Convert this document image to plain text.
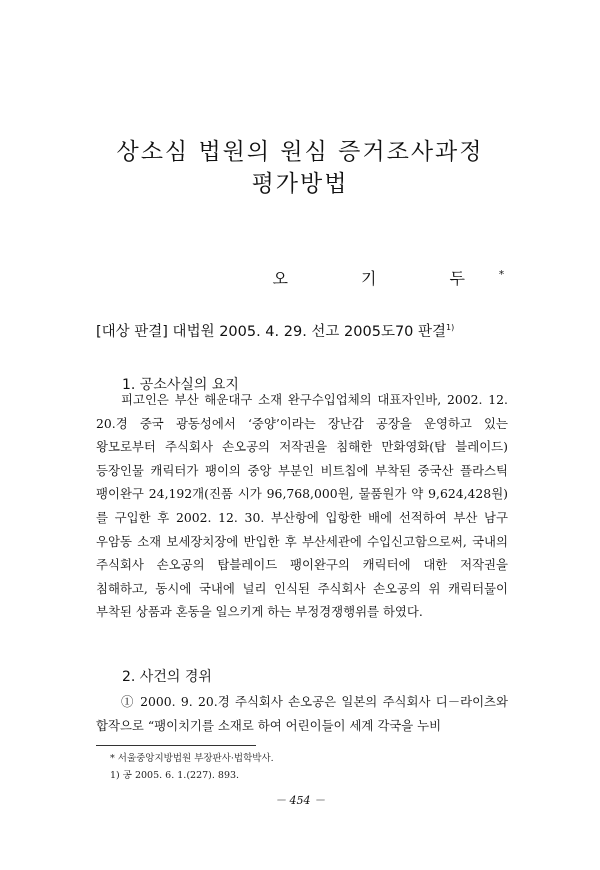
상소심 법원의 원심 증거조사과정
평가방법
오 기 두*
[대상 판결] 대법원 2005. 4. 29. 선고 2005도70 판결$^{1)}$
1. 공소사실의 요지
피고인은 부산 해운대구 소재 완구수입업체의 대표자인바, 2002. 12. 20.경 중국 광동성에서 ‘중양’이라는 장난감 공장을 운영하고 있는 왕모로부터 주식회사 손오공의 저작권을 침해한 만화영화(탑 블레이드) 등장인물 캐릭터가 팽이의 중앙 부분인 비트칩에 부착된 중국산 플라스틱 팽이완구 24,192개(진품 시가 96,768,000원, 물품원가 약 9,624,428원)를 구입한 후 2002. 12. 30. 부산항에 입항한 배에 선적하여 부산 남구 우암동 소재 보세장치장에 반입한 후 부산세관에 수입신고함으로써, 국내의 주식회사 손오공의 탑블레이드 팽이완구의 캐릭터에 대한 저작권을 침해하고, 동시에 국내에 널리 인식된 주식회사 손오공의 위 캐릭터물이 부착된 상품과 혼동을 일으키게 하는 부정경쟁행위를 하였다.
2. 사건의 경위
① 2000. 9. 20.경 주식회사 손오공은 일본의 주식회사 디－라이츠와 합작으로 “팽이치기를 소재로 하여 어린이들이 세계 각국을 누비
* 서울중앙지방법원 부장판사·법학박사.
1) 공 2005. 6. 1.(227). 893.
－ 454 －
